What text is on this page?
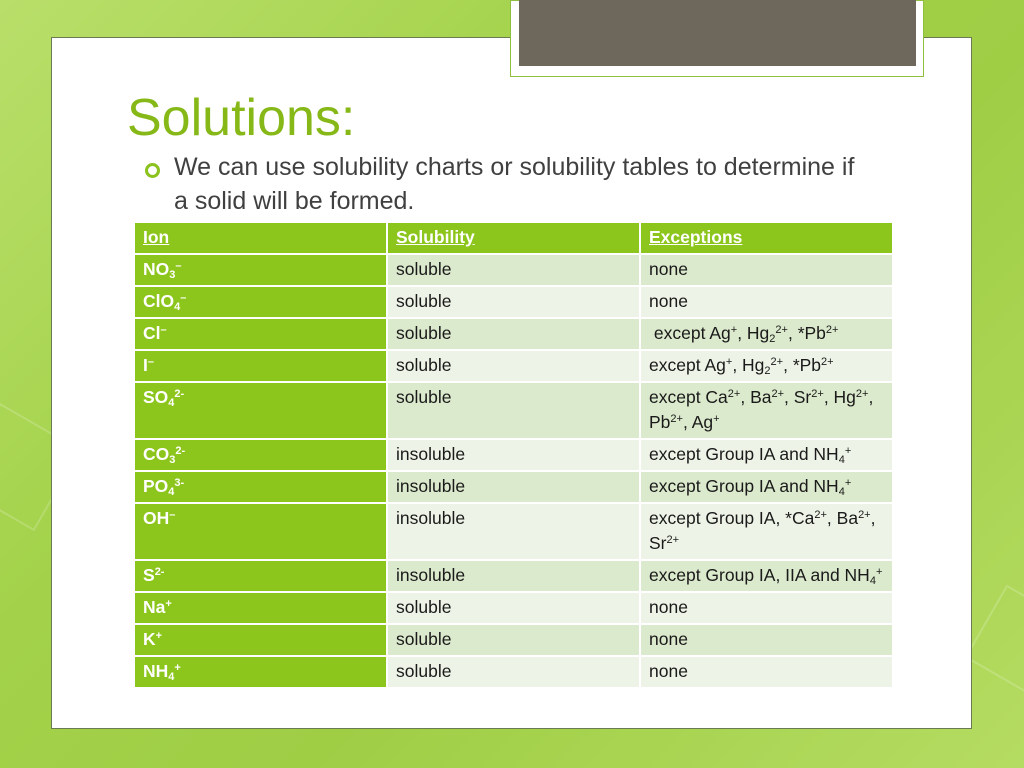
Solutions:
We can use solubility charts or solubility tables to determine if a solid will be formed.
Ion	Solubility	Exceptions
$NO_3^-$	soluble	none
ClO$_4$–	soluble	none
Cl–	soluble	except Ag+, $Hg_2^{2+}$, $*Pb^{2+}$
I–	soluble	except Ag+, $Hg_2^{2+}$, $*Pb^{2+}$
$SO_4^{2-}$	soluble	except $Ca^{2+}$, $Ba^{2+}$, $Sr^{2+}$, $Hg^{2+}$, $Pb^{2+}$, Ag+
$CO_3^{2-}$	insoluble	except Group IA and $NH_4^+$
$PO_4^{3-}$	insoluble	except Group IA and $NH_4^+$
OH–	insoluble	except Group IA, $*Ca^{2+}$, $Ba^{2+}$, $Sr^{2+}$
$S^{2-}$	insoluble	except Group IA, IIA and $NH_4^+$
Na+	soluble	none
K+	soluble	none
$NH_4^+$	soluble	none
